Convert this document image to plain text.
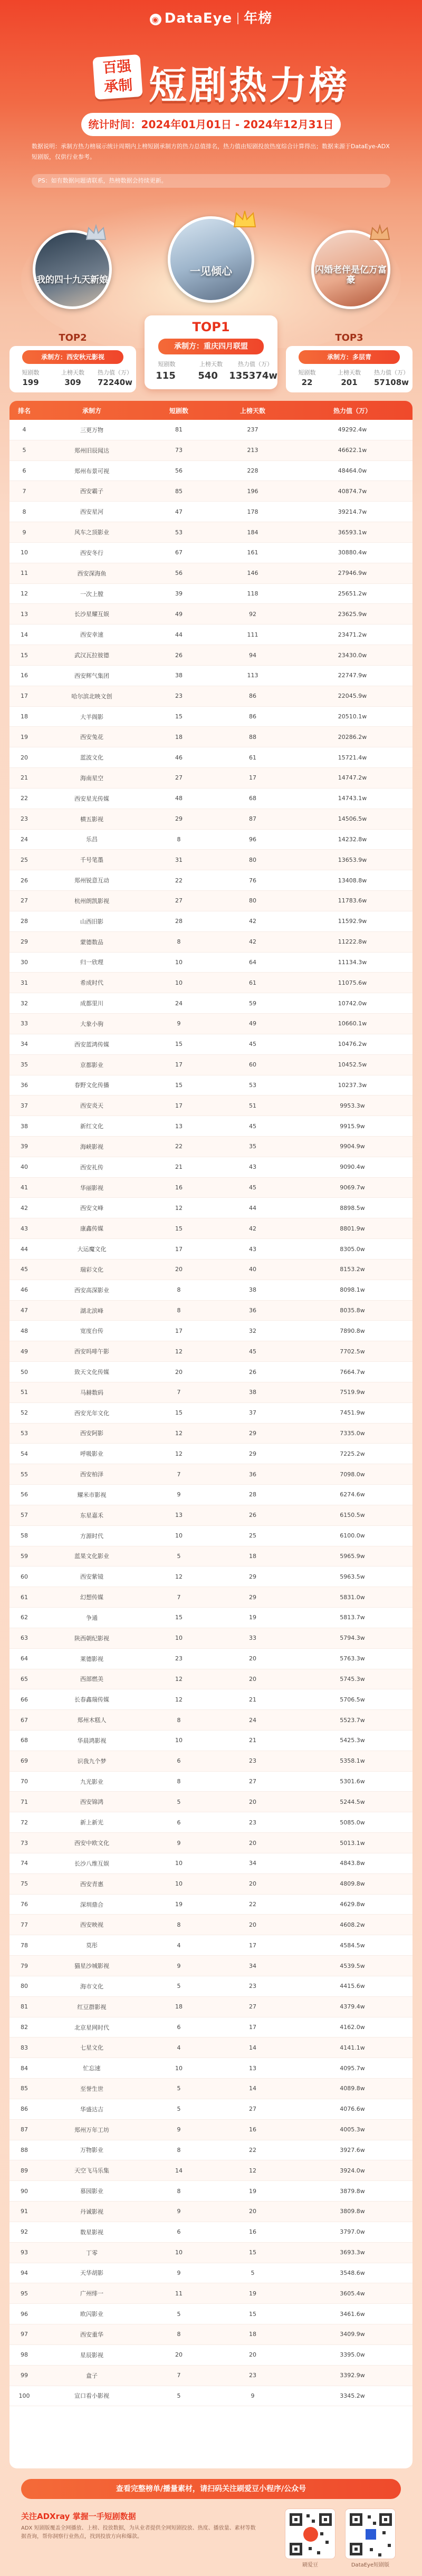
◉ DataEye 年榜
百强
承制 短剧热力榜
统计时间：2024年01月01日 - 2024年12月31日

数据说明：承制方热力榜展示统计周期内上榜短剧承制方的热力总值排名，热力值由短剧投放热度综合计算得出；数据来源于DataEye-ADX短剧版，仅供行业参考。

PS：如有数据问题请联系，热榜数据会持续更新。
我的四十九天新娘
一见倾心	闪婚老伴是亿万富豪
TOP2
承制方：西安秋元影视
短剧数	上榜天数	热力值（万）
199	309	72240w
TOP1
承制方：重庆四月联盟
短剧数	上榜天数	热力值（万）
115	540	135374w
TOP3
承制方：多层青
短剧数	上榜天数	热力值（万）
22	201	57108w
排名	承制方	短剧数	上榜天数	热力值（万）
4	三更万物	81	237	49292.4w
5	郑州旧辰闻达	73	213	46622.1w
6	郑州布景可视	56	228	48464.0w
7	西安霸子	85	196	40874.7w
8	西安星河	47	178	39214.7w
9	风车之顶影业	53	184	36593.1w
10	西安冬行	67	161	30880.4w
11	西安深海鱼	56	146	27946.9w
12	一次上膛	39	118	25651.2w
13	长沙星耀互娱	49	92	23625.9w
14	西安幸速	44	111	23471.2w
15	武汉瓦拉彼德	26	94	23430.0w
16	西安辉气集团	38	113	22747.9w
17	哈尔滨北映文创	23	86	22045.9w
18	大羊阁影	15	86	20510.1w
19	西安兔花	18	88	20286.2w
20	蓝波文化	46	61	15721.4w
21	海南星空	27	17	14747.2w
22	西安星光传媒	48	68	14743.1w
23	横五影视	29	87	14506.5w
24	乐昌	8	96	14232.8w
25	千号笔墨	31	80	13653.9w
26	郑州锐意互动	22	76	13408.8w
27	杭州朗凯影视	27	80	11783.6w
28	山西旧影	28	42	11592.9w
29	蒙德数品	8	42	11222.8w
30	归一欣理	10	64	11134.3w
31	希成时代	10	61	11075.6w
32	成都里川	24	59	10742.0w
33	大象小驹	9	49	10660.1w
34	西安蓝鸿传媒	15	45	10476.2w
35	京都影业	17	60	10452.5w
36	春野文化传播	15	53	10237.3w
37	西安炎天	17	51	9953.3w
38	新红文化	13	45	9915.9w
39	海峡影视	22	35	9904.9w
40	西安礼传	21	43	9090.4w
41	华丽影视	16	45	9069.7w
42	西安文峰	12	44	8898.5w
43	康鑫传媒	15	42	8801.9w
44	大运魔文化	17	43	8305.0w
45	瑞彩文化	20	40	8153.2w
46	西安高深影业	8	38	8098.1w
47	湖北滨峰	8	36	8035.8w
48	宽度台传	17	32	7890.8w
49	西安吗啡午影	12	45	7702.5w
50	致天文化传媒	20	26	7664.7w
51	马赫数码	7	38	7519.9w
52	西安光年文化	15	37	7451.9w
53	西安阿影	12	29	7335.0w
54	呼吸影业	12	29	7225.2w
55	西安柏泽	7	36	7098.0w
56	耀米市影视	9	28	6274.6w
57	东星嘉禾	13	26	6150.5w
58	方源时代	10	25	6100.0w
59	蓝果文化影业	5	18	5965.9w
60	西安紫镜	12	29	5963.5w
61	幻想传媒	7	29	5831.0w
62	争通	15	19	5813.7w
63	陕西朝纪影视	10	33	5794.3w
64	莱德影视	23	20	5763.3w
65	西部燃美	12	20	5745.3w
66	长春鑫瑞传媒	12	21	5706.5w
67	郑州木糕人	8	24	5523.7w
68	华晨鸿影视	10	21	5425.3w
69	识我九个梦	6	23	5358.1w
70	九光影业	8	27	5301.6w
71	西安锦鸿	5	20	5244.5w
72	新上新光	6	23	5085.0w
73	西安中欧文化	9	20	5013.1w
74	长沙八维互娱	10	34	4843.8w
75	西安青惠	10	20	4809.8w
76	深圳鼎合	19	22	4629.8w
77	西安映视	8	20	4608.2w
78	莫彤	4	17	4584.5w
79	猫星沙城影视	9	34	4539.5w
80	海市文化	5	23	4415.6w
81	红豆群影视	18	27	4379.4w
82	北京星网时代	6	17	4162.0w
83	七星文化	4	14	4141.1w
84	忙忘速	10	13	4095.7w
85	至誉生世	5	14	4089.8w
86	华盛达吉	5	27	4076.6w
87	郑州万年工坊	9	16	4005.3w
88	万物影业	8	22	3927.6w
89	天空飞马乐集	14	12	3924.0w
90	慕园影业	8	19	3879.8w
91	丹诚影视	9	20	3809.8w
92	数星影视	6	16	3797.0w
93	丁零	10	15	3693.3w
94	天华胡影	9	5	3548.6w
95	广州绯一	11	19	3605.4w
96	欧闪影业	5	15	3461.6w
97	西安重华	8	18	3409.9w
98	星辰影视	20	20	3395.0w
99	盒子	7	23	3392.9w
100	宣口看小影视	5	9	3345.2w
查看完整榜单/播量素材，请扫码关注刷爱豆小程序/公众号
关注ADXray 掌握一手短剧数据
ADX 短剧版覆盖全网播放、上榜、投放数据，为从业者提供全网短剧投放、热度、播放量、素材等数据查询，帮你洞察行业热点，找到投放方向和爆款。
刷爱豆	DataEye短剧版
